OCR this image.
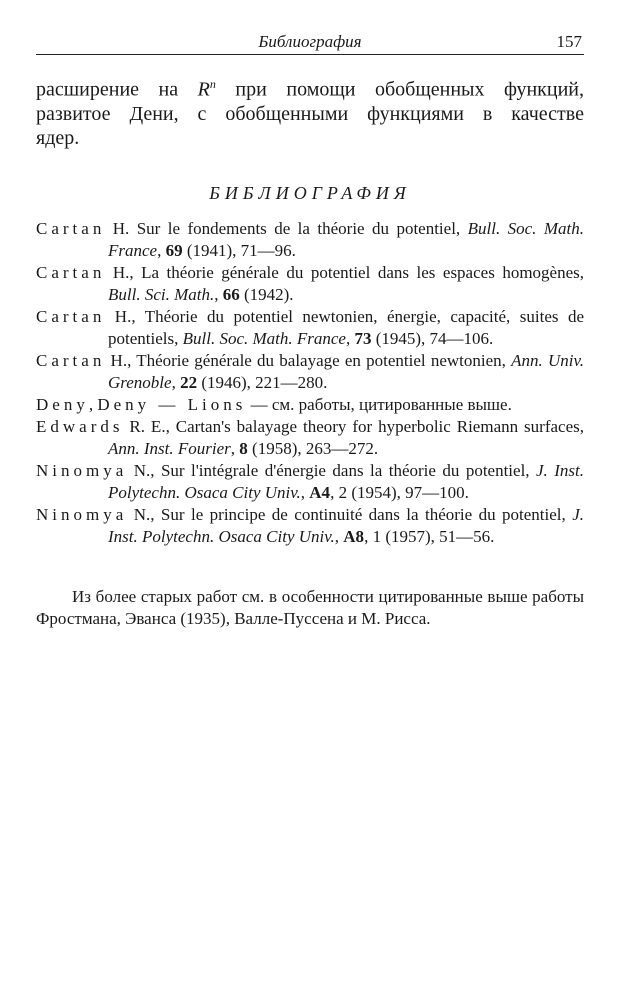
Библиография	157
расширение на $R^n$ при помощи обобщенных функций,
развитое Дени, с обобщенными функциями в качестве
ядер.
БИБЛИОГРАФИЯ
Cartan H. Sur le fondements de la théorie du potentiel, Bull. Soc. Math. France, 69 (1941), 71—96.
Cartan H., La théorie générale du potentiel dans les espaces homogènes, Bull. Sci. Math., 66 (1942).
Cartan H., Théorie du potentiel newtonien, énergie, capacité, suites de potentiels, Bull. Soc. Math. France, 73 (1945), 74—106.
Cartan H., Théorie générale du balayage en potentiel newtonien, Ann. Univ. Grenoble, 22 (1946), 221—280.
Deny, Deny — Lions — см. работы, цитированные выше.
Edwards R. E., Cartan's balayage theory for hyperbolic Riemann surfaces, Ann. Inst. Fourier, 8 (1958), 263—272.
Ninomya N., Sur l'intégrale d'énergie dans la théorie du potentiel, J. Inst. Polytechn. Osaca City Univ., A4, 2 (1954), 97—100.
Ninomya N., Sur le principe de continuité dans la théorie du potentiel, J. Inst. Polytechn. Osaca City Univ., A8, 1 (1957), 51—56.
Из более старых работ см. в особенности цитированные выше работы Фростмана, Эванса (1935), Валле-Пуссена и М. Рисса.
